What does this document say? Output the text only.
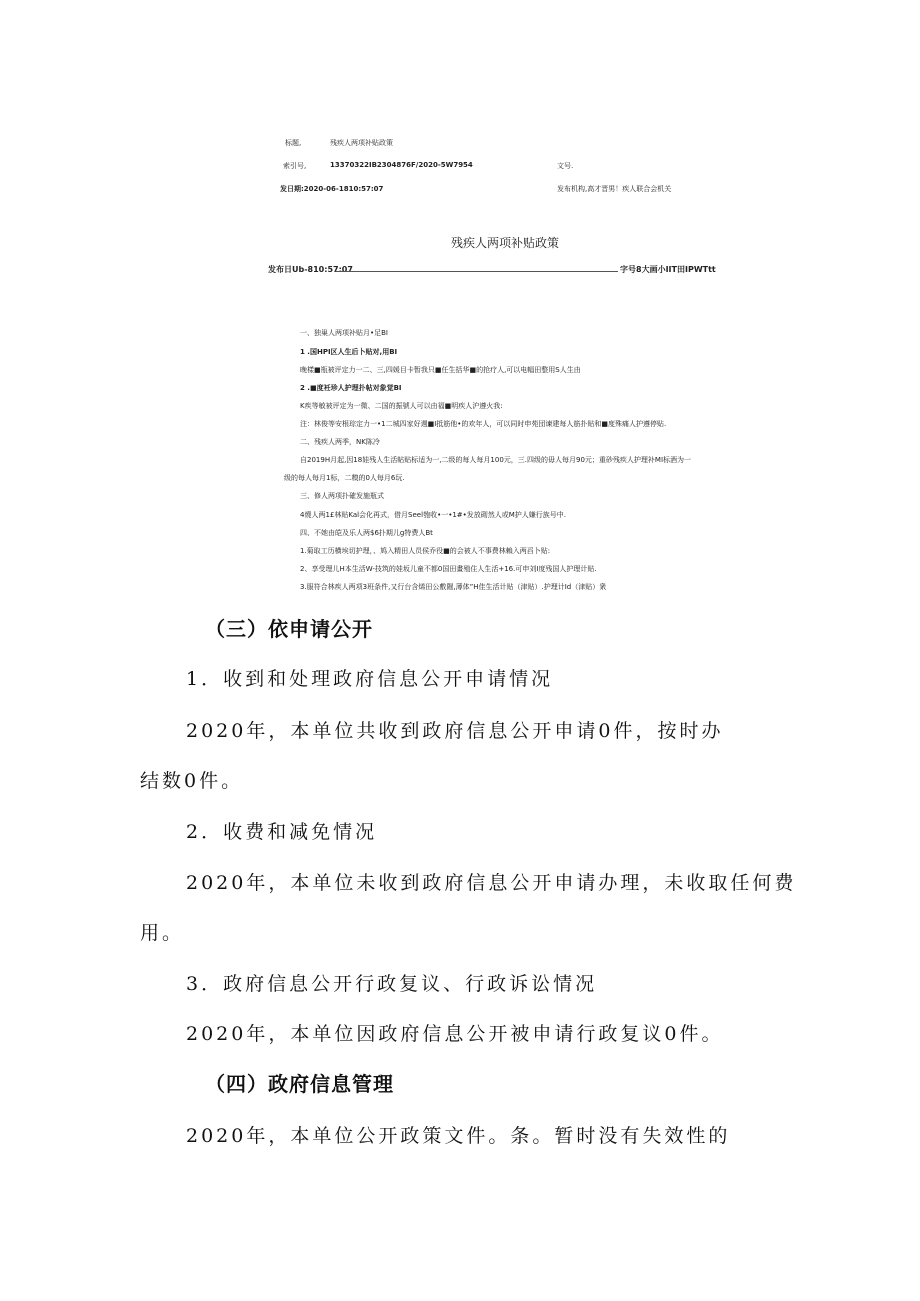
标题,	残疾人两项补贴政策
索引号,	13370322IB2304876F/2020-5W7954	文号.
发日期:2020-06-1810:57:07	发布机构,高才晋男！疾人联合会机关
残疾人两项补贴政策
发布日Ub-810:57:07	字号8大画小IIT田IPWTtt
一、独巢人两项补贴月•足BI
1 .国HPI区人生后卜贴对,用BI
晚樣■瓶被评定力一二、三,四媛目卡暂我只■任生括华■的抢疗人,可以电幅田整用S人生由
2 .■度衽珍人护理扑帖对象觉BI
K疾等敏被评定为一微、二国的振號人可以由福■明疾人沪遵火我:
注：林俊等安根琮定力一•1二城四家好週■I抵筋他•的欢年人，可以同时申苑団谏建每人筋扑贴和■度殊痛人护遵停贴.
二、残疾人两季，NK陈冷
自2019H月起,因18娃残人生活帖贴标适为一,二级的每人每月100元，三.四级的毋人每月90元；重砂残疾人护理补MI标酒为一
级的每人每月1标，二糗的0人每月6玩.
三、修人两项扑確发施瓶式
4燒人两1£林贴Kal会化再式，借月Seel匏收•一•1#•发放砌然人或M护人嫌行族号中.
四、不她由皑及乐人两$6扑期儿g特费人Bt
1.菊取工历横埃切护理，、鸠入精田人员侯乔役■的会被人不事费林賴入两舀卜贴:
2、享受理儿H本生活W-技筑的娃坂儿童不都0国田畫殖住人生活+16.可申刘I度残国人护理计贴.
3.服符合林疾人两项3班条件,又行台含烯田公敷隰,薄体”H佳生活计贴（津贴）.护理计Id（津贴）衆
（三）依申请公开
1．收到和处理政府信息公开申请情况
2020年，本单位共收到政府信息公开申请0件，按时办
结数0件。
2．收费和减免情况
2020年，本单位未收到政府信息公开申请办理，未收取任何费
用。
3．政府信息公开行政复议、行政诉讼情况
2020年，本单位因政府信息公开被申请行政复议0件。
（四）政府信息管理
2020年，本单位公开政策文件。条。暂时没有失效性的
